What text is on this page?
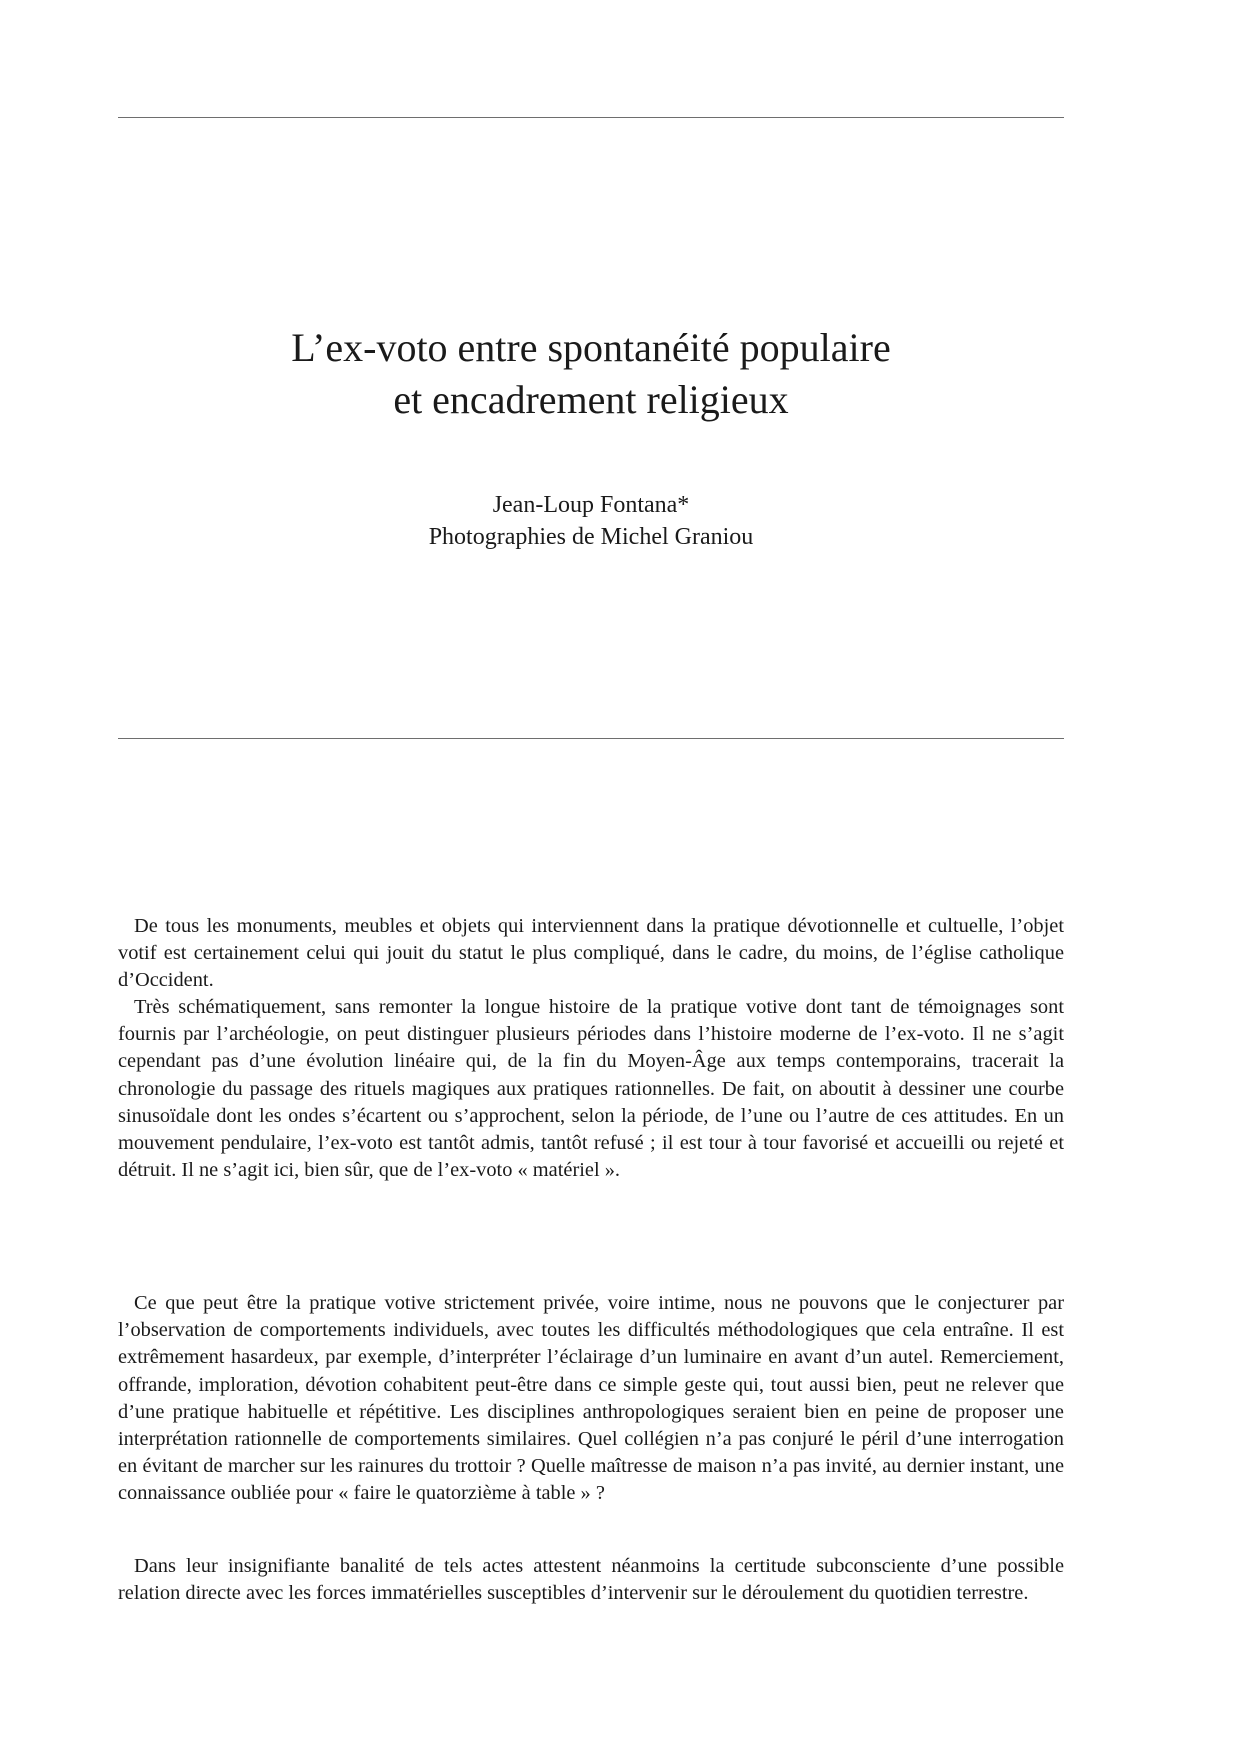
L’ex-voto entre spontanéité populaire
et encadrement religieux
Jean-Loup Fontana*
Photographies de Michel Graniou

De tous les monuments, meubles et objets qui interviennent dans la pratique dévotionnelle et cultuelle, l’objet votif est certainement celui qui jouit du statut le plus compliqué, dans le cadre, du moins, de l’église catholique d’Occident.

Très schématiquement, sans remonter la longue histoire de la pratique votive dont tant de témoignages sont fournis par l’archéologie, on peut distinguer plusieurs périodes dans l’histoire moderne de l’ex-voto. Il ne s’agit cependant pas d’une évolution linéaire qui, de la fin du Moyen-Âge aux temps contemporains, tracerait la chronologie du passage des rituels magiques aux pratiques rationnelles. De fait, on aboutit à dessiner une courbe sinusoïdale dont les ondes s’écartent ou s’approchent, selon la période, de l’une ou l’autre de ces attitudes. En un mouvement pendulaire, l’ex-voto est tantôt admis, tantôt refusé ; il est tour à tour favorisé et accueilli ou rejeté et détruit. Il ne s’agit ici, bien sûr, que de l’ex-voto « matériel ».

Ce que peut être la pratique votive strictement privée, voire intime, nous ne pouvons que le conjecturer par l’observation de comportements individuels, avec toutes les difficultés méthodologiques que cela entraîne. Il est extrêmement hasardeux, par exemple, d’interpréter l’éclairage d’un luminaire en avant d’un autel. Remerciement, offrande, imploration, dévotion cohabitent peut-être dans ce simple geste qui, tout aussi bien, peut ne relever que d’une pratique habituelle et répétitive. Les disciplines anthropologiques seraient bien en peine de proposer une interprétation rationnelle de comportements similaires. Quel collégien n’a pas conjuré le péril d’une interrogation en évitant de marcher sur les rainures du trottoir ? Quelle maîtresse de maison n’a pas invité, au dernier instant, une connaissance oubliée pour « faire le quatorzième à table » ?

Dans leur insignifiante banalité de tels actes attestent néanmoins la certitude subconsciente d’une possible relation directe avec les forces immatérielles susceptibles d’intervenir sur le déroulement du quotidien terrestre.
